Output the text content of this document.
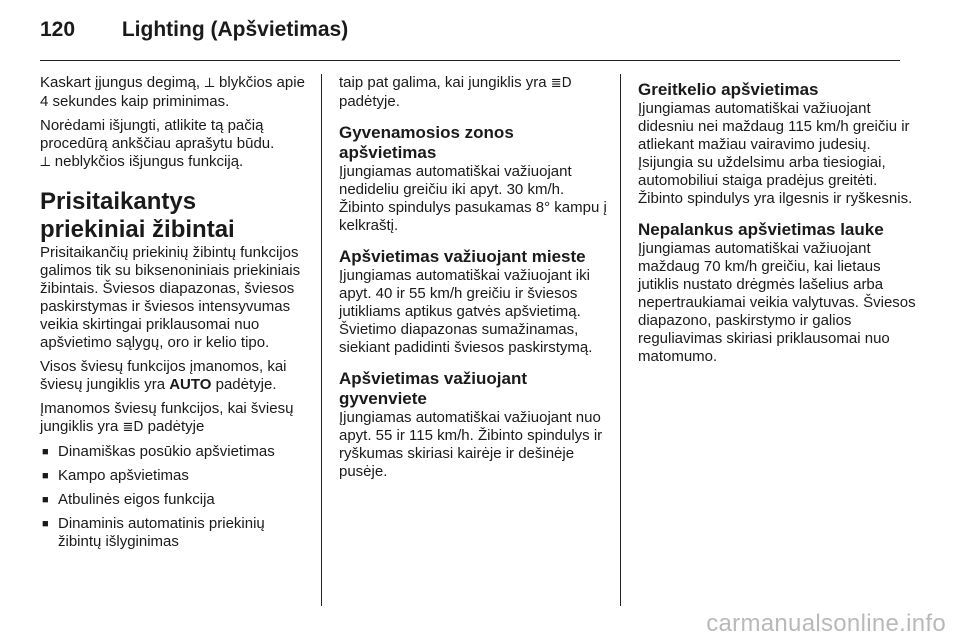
120 Lighting (Apšvietimas)

Kaskart įjungus degimą, 𝍥 blykčios apie 4 sekundes kaip priminimas.

Norėdami išjungti, atlikite tą pačią procedūrą ankščiau aprašytu būdu.
𝍥 neblykčios išjungus funkciją.

Prisitaikantys priekiniai žibintai

Prisitaikančių priekinių žibintų funkcijos galimos tik su biksenoniniais priekiniais žibintais. Šviesos diapazonas, šviesos paskirstymas ir šviesos intensyvumas veikia skirtingai priklausomai nuo apšvietimo sąlygų, oro ir kelio tipo.

Visos šviesų funkcijos įmanomos, kai šviesų jungiklis yra AUTO padėtyje.

Įmanomos šviesų funkcijos, kai šviesų jungiklis yra ≣D padėtyje

■ Dinamiškas posūkio apšvietimas
■ Kampo apšvietimas
■ Atbulinės eigos funkcija
■ Dinaminis automatinis priekinių žibintų išlyginimas

taip pat galima, kai jungiklis yra ≣D padėtyje.

Gyvenamosios zonos apšvietimas

Įjungiamas automatiškai važiuojant nedideliu greičiu iki apyt. 30 km/h. Žibinto spindulys pasukamas 8° kampu į kelkraštį.

Apšvietimas važiuojant mieste

Įjungiamas automatiškai važiuojant iki apyt. 40 ir 55 km/h greičiu ir šviesos jutikliams aptikus gatvės apšvietimą. Švietimo diapazonas sumažinamas, siekiant padidinti šviesos paskirstymą.

Apšvietimas važiuojant gyvenviete

Įjungiamas automatiškai važiuojant nuo apyt. 55 ir 115 km/h. Žibinto spindulys ir ryškumas skiriasi kairėje ir dešinėje pusėje.

Greitkelio apšvietimas

Įjungiamas automatiškai važiuojant didesniu nei maždaug 115 km/h greičiu ir atliekant mažiau vairavimo judesių. Įsijungia su uždelsimu arba tiesiogiai, automobiliui staiga pradėjus greitėti. Žibinto spindulys yra ilgesnis ir ryškesnis.

Nepalankus apšvietimas lauke

Įjungiamas automatiškai važiuojant maždaug 70 km/h greičiu, kai lietaus jutiklis nustato drėgmės lašelius arba nepertraukiamai veikia valytuvas. Šviesos diapazono, paskirstymo ir galios reguliavimas skiriasi priklausomai nuo matomumo.

carmanualsonline.info
